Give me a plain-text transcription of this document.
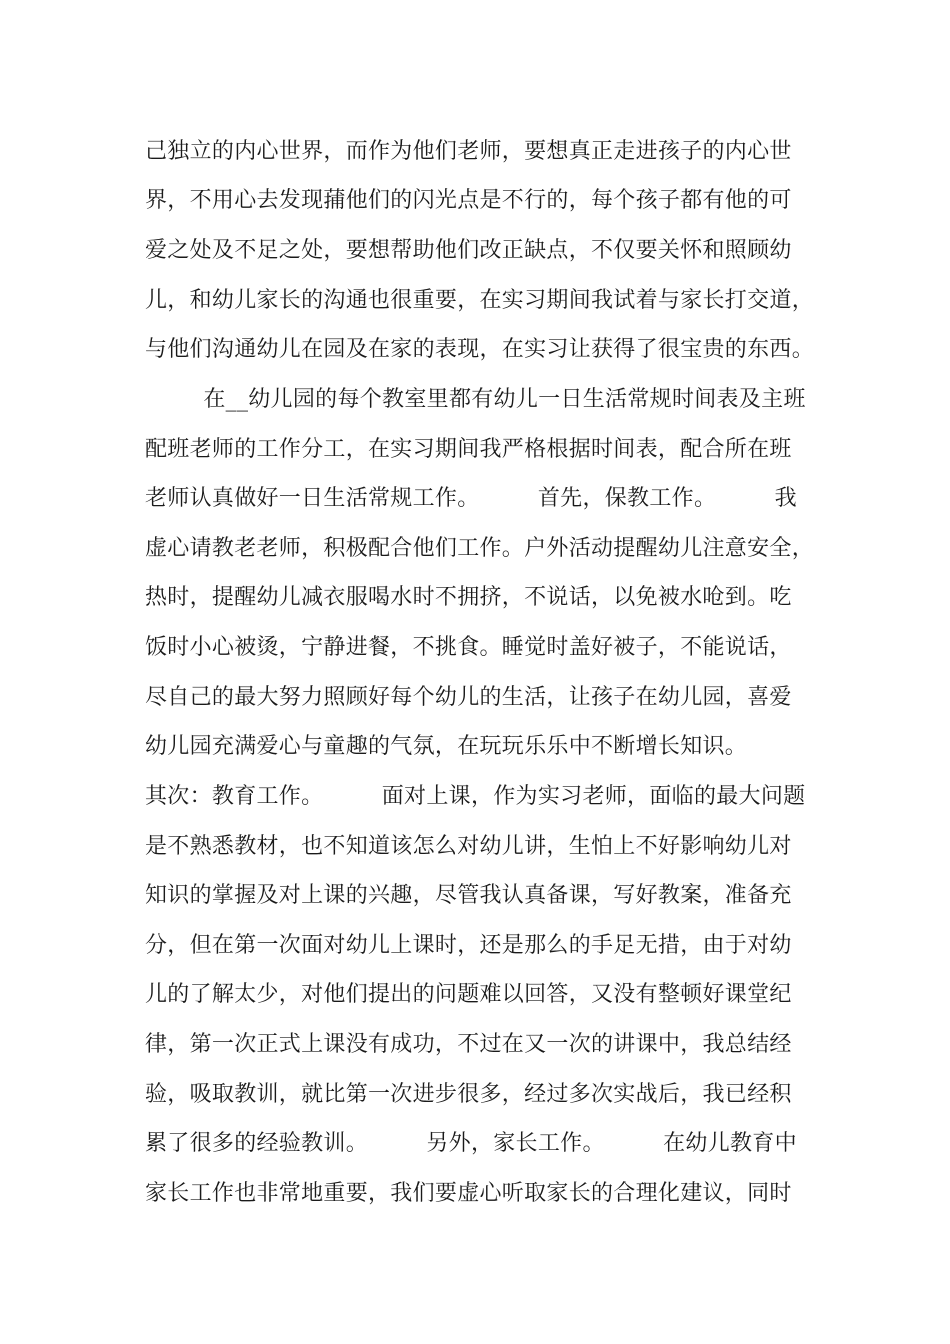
己独立的内心世界，而作为他们老师，要想真正走进孩子的内心世
界，不用心去发现蒱他们的闪光点是不行的，每个孩子都有他的可
爱之处及不足之处，要想帮助他们改正缺点，不仅要关怀和照顾幼
儿，和幼儿家长的沟通也很重要，在实习期间我试着与家长打交道，
与他们沟通幼儿在园及在家的表现，在实习让获得了很宝贵的东西。
在__幼儿园的每个教室里都有幼儿一日生活常规时间表及主班
配班老师的工作分工，在实习期间我严格根据时间表，配合所在班
老师认真做好一日生活常规工作。        首先，保教工作。        我
虚心请教老老师，积极配合他们工作。户外活动提醒幼儿注意安全，
热时，提醒幼儿减衣服喝水时不拥挤，不说话，以免被水呛到。吃
饭时小心被烫，宁静进餐，不挑食。睡觉时盖好被子，不能说话，
尽自己的最大努力照顾好每个幼儿的生活，让孩子在幼儿园，喜爱
幼儿园充满爱心与童趣的气氛，在玩玩乐乐中不断增长知识。
其次：教育工作。        面对上课，作为实习老师，面临的最大问题
是不熟悉教材，也不知道该怎么对幼儿讲，生怕上不好影响幼儿对
知识的掌握及对上课的兴趣，尽管我认真备课，写好教案，准备充
分，但在第一次面对幼儿上课时，还是那么的手足无措，由于对幼
儿的了解太少，对他们提出的问题难以回答，又没有整顿好课堂纪
律，第一次正式上课没有成功，不过在又一次的讲课中，我总结经
验，吸取教训，就比第一次进步很多，经过多次实战后，我已经积
累了很多的经验教训。        另外，家长工作。        在幼儿教育中
家长工作也非常地重要，我们要虚心听取家长的合理化建议，同时
